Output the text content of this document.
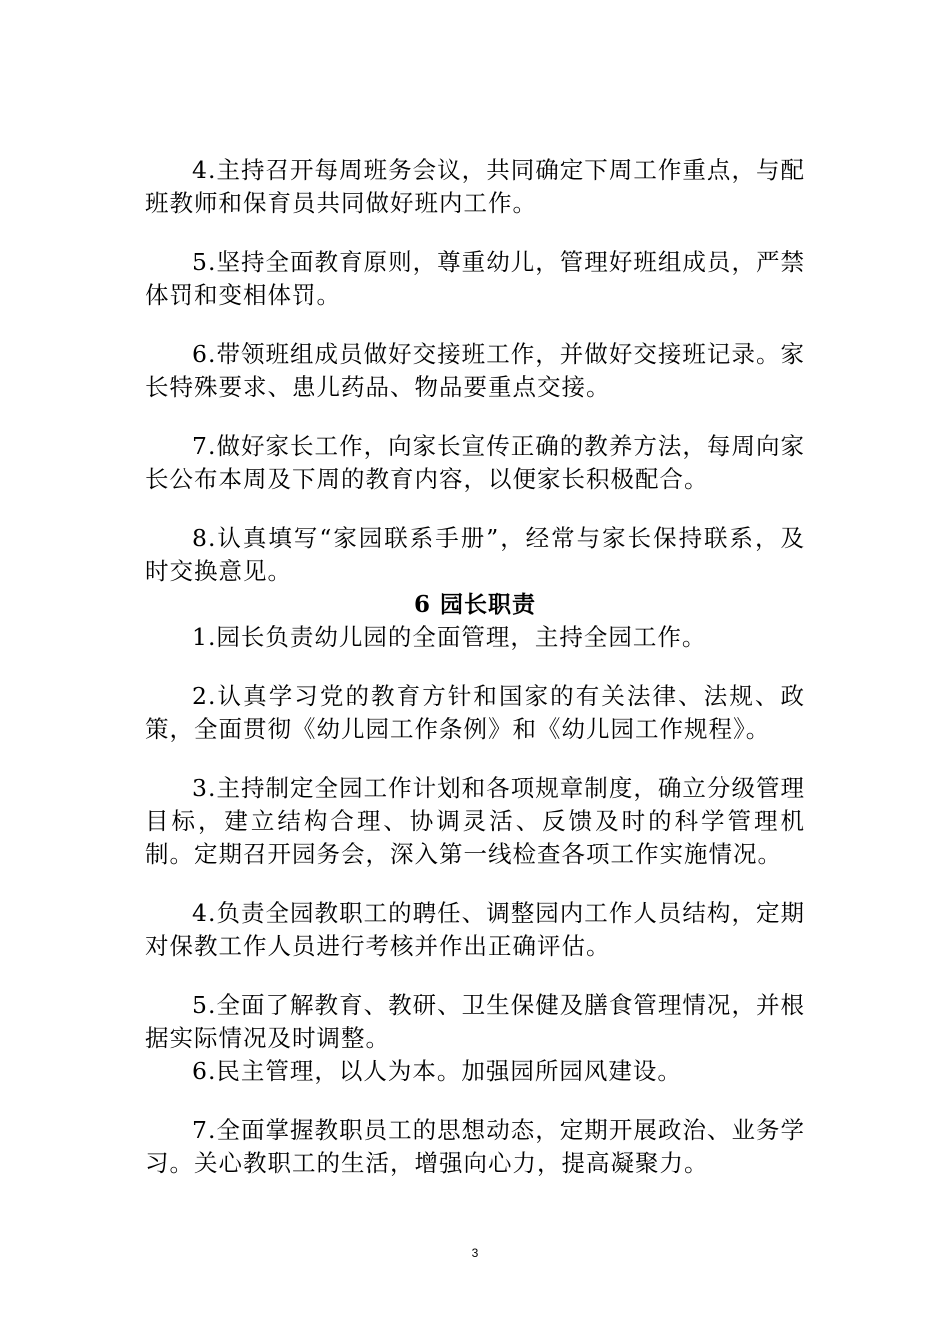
4.主持召开每周班务会议，共同确定下周工作重点，与配班教师和保育员共同做好班内工作。

5.坚持全面教育原则，尊重幼儿，管理好班组成员，严禁体罚和变相体罚。

6.带领班组成员做好交接班工作，并做好交接班记录。家长特殊要求、患儿药品、物品要重点交接。

7.做好家长工作，向家长宣传正确的教养方法，每周向家长公布本周及下周的教育内容，以便家长积极配合。

8.认真填写“家园联系手册”，经常与家长保持联系，及时交换意见。

6 园长职责

1.园长负责幼儿园的全面管理，主持全园工作。

2.认真学习党的教育方针和国家的有关法律、法规、政策，全面贯彻《幼儿园工作条例》和《幼儿园工作规程》。

3.主持制定全园工作计划和各项规章制度，确立分级管理目标，建立结构合理、协调灵活、反馈及时的科学管理机制。定期召开园务会，深入第一线检查各项工作实施情况。

4.负责全园教职工的聘任、调整园内工作人员结构，定期对保教工作人员进行考核并作出正确评估。

5.全面了解教育、教研、卫生保健及膳食管理情况，并根据实际情况及时调整。

6.民主管理，以人为本。加强园所园风建设。

7.全面掌握教职员工的思想动态，定期开展政治、业务学习。关心教职工的生活，增强向心力，提高凝聚力。

3
